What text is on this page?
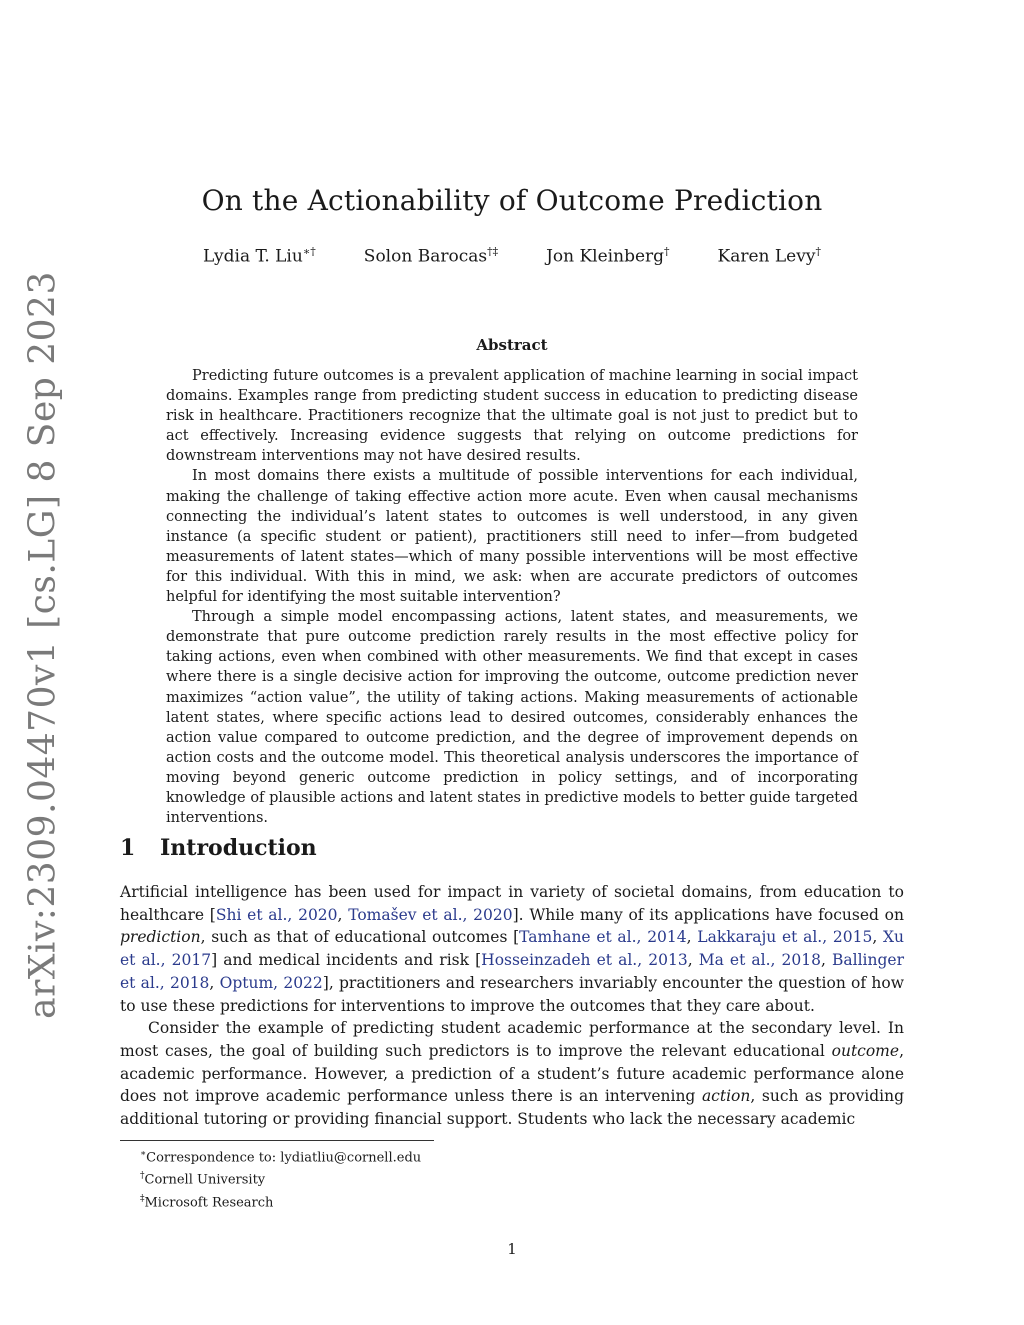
arXiv:2309.04470v1 [cs.LG] 8 Sep 2023
On the Actionability of Outcome Prediction
Lydia T. Liu∗†	Solon Barocas†‡	Jon Kleinberg†	Karen Levy†
Abstract

Predicting future outcomes is a prevalent application of machine learning in social impact domains. Examples range from predicting student success in education to predicting disease risk in healthcare. Practitioners recognize that the ultimate goal is not just to predict but to act effectively. Increasing evidence suggests that relying on outcome predictions for downstream interventions may not have desired results.

In most domains there exists a multitude of possible interventions for each individual, making the challenge of taking effective action more acute. Even when causal mechanisms connecting the individual’s latent states to outcomes is well understood, in any given instance (a specific student or patient), practitioners still need to infer—from budgeted measurements of latent states—which of many possible interventions will be most effective for this individual. With this in mind, we ask: when are accurate predictors of outcomes helpful for identifying the most suitable intervention?

Through a simple model encompassing actions, latent states, and measurements, we demonstrate that pure outcome prediction rarely results in the most effective policy for taking actions, even when combined with other measurements. We find that except in cases where there is a single decisive action for improving the outcome, outcome prediction never maximizes “action value”, the utility of taking actions. Making measurements of actionable latent states, where specific actions lead to desired outcomes, considerably enhances the action value compared to outcome prediction, and the degree of improvement depends on action costs and the outcome model. This theoretical analysis underscores the importance of moving beyond generic outcome prediction in policy settings, and of incorporating knowledge of plausible actions and latent states in predictive models to better guide targeted interventions.

1 Introduction

Artificial intelligence has been used for impact in variety of societal domains, from education to healthcare [Shi et al., 2020, Tomašev et al., 2020]. While many of its applications have focused on prediction, such as that of educational outcomes [Tamhane et al., 2014, Lakkaraju et al., 2015, Xu et al., 2017] and medical incidents and risk [Hosseinzadeh et al., 2013, Ma et al., 2018, Ballinger et al., 2018, Optum, 2022], practitioners and researchers invariably encounter the question of how to use these predictions for interventions to improve the outcomes that they care about.

Consider the example of predicting student academic performance at the secondary level. In most cases, the goal of building such predictors is to improve the relevant educational outcome, academic performance. However, a prediction of a student’s future academic performance alone does not improve academic performance unless there is an intervening action, such as providing additional tutoring or providing financial support. Students who lack the necessary academic

∗Correspondence to: lydiatliu@cornell.edu
†Cornell University
‡Microsoft Research
1
